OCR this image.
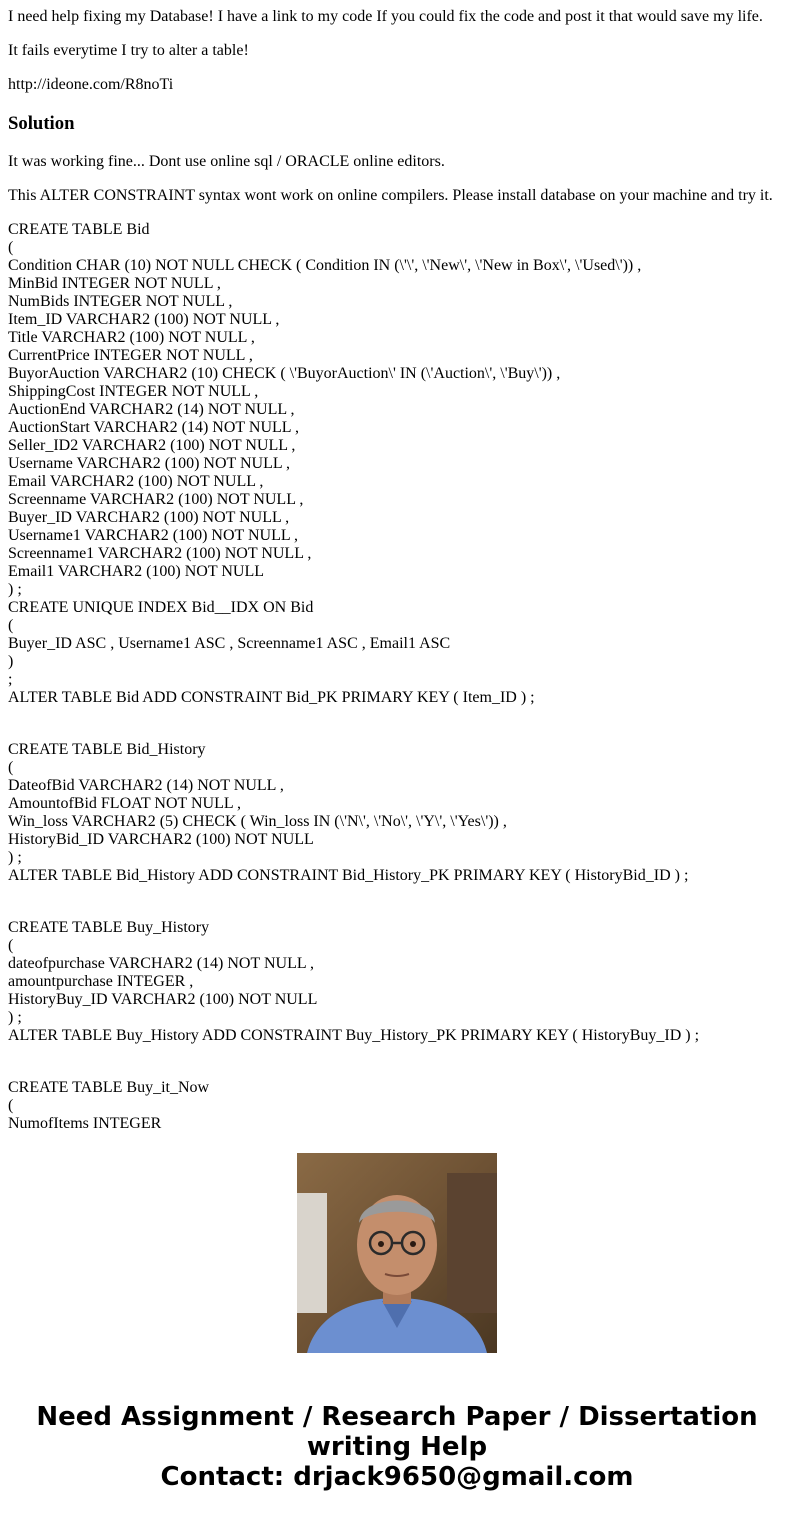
I need help fixing my Database! I have a link to my code If you could fix the code and post it that would save my life.

It fails everytime I try to alter a table!

http://ideone.com/R8noTi

Solution

It was working fine... Dont use online sql / ORACLE online editors.

This ALTER CONSTRAINT syntax wont work on online compilers. Please install database on your machine and try it.

CREATE TABLE Bid
(
Condition CHAR (10) NOT NULL CHECK ( Condition IN (\'\', \'New\', \'New in Box\', \'Used\')) ,
MinBid INTEGER NOT NULL ,
NumBids INTEGER NOT NULL ,
Item_ID VARCHAR2 (100) NOT NULL ,
Title VARCHAR2 (100) NOT NULL ,
CurrentPrice INTEGER NOT NULL ,
BuyorAuction VARCHAR2 (10) CHECK ( \'BuyorAuction\' IN (\'Auction\', \'Buy\')) ,
ShippingCost INTEGER NOT NULL ,
AuctionEnd VARCHAR2 (14) NOT NULL ,
AuctionStart VARCHAR2 (14) NOT NULL ,
Seller_ID2 VARCHAR2 (100) NOT NULL ,
Username VARCHAR2 (100) NOT NULL ,
Email VARCHAR2 (100) NOT NULL ,
Screenname VARCHAR2 (100) NOT NULL ,
Buyer_ID VARCHAR2 (100) NOT NULL ,
Username1 VARCHAR2 (100) NOT NULL ,
Screenname1 VARCHAR2 (100) NOT NULL ,
Email1 VARCHAR2 (100) NOT NULL
) ;
CREATE UNIQUE INDEX Bid__IDX ON Bid
(
Buyer_ID ASC , Username1 ASC , Screenname1 ASC , Email1 ASC
)
;
ALTER TABLE Bid ADD CONSTRAINT Bid_PK PRIMARY KEY ( Item_ID ) ;
CREATE TABLE Bid_History
(
DateofBid VARCHAR2 (14) NOT NULL ,
AmountofBid FLOAT NOT NULL ,
Win_loss VARCHAR2 (5) CHECK ( Win_loss IN (\'N\', \'No\', \'Y\', \'Yes\')) ,
HistoryBid_ID VARCHAR2 (100) NOT NULL
) ;
ALTER TABLE Bid_History ADD CONSTRAINT Bid_History_PK PRIMARY KEY ( HistoryBid_ID ) ;
CREATE TABLE Buy_History
(
dateofpurchase VARCHAR2 (14) NOT NULL ,
amountpurchase INTEGER ,
HistoryBuy_ID VARCHAR2 (100) NOT NULL
) ;
ALTER TABLE Buy_History ADD CONSTRAINT Buy_History_PK PRIMARY KEY ( HistoryBuy_ID ) ;
CREATE TABLE Buy_it_Now
(
NumofItems INTEGER
Need Assignment / Research Paper / Dissertation
writing Help
Contact: drjack9650@gmail.com
